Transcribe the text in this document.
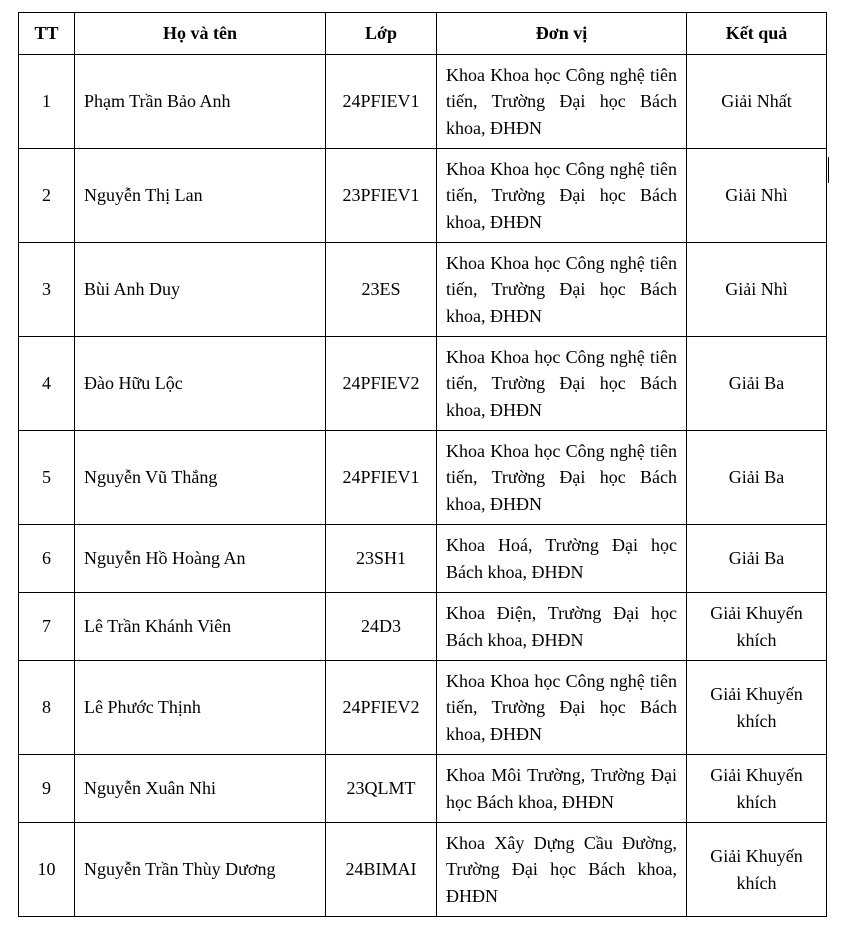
TT	Họ và tên	Lớp	Đơn vị	Kết quả
1	Phạm Trần Bảo Anh	24PFIEV1	Khoa Khoa học Công nghệ tiên tiến, Trường Đại học Bách khoa, ĐHĐN	Giải Nhất
2	Nguyễn Thị Lan	23PFIEV1	Khoa Khoa học Công nghệ tiên tiến, Trường Đại học Bách khoa, ĐHĐN	Giải Nhì
3	Bùi Anh Duy	23ES	Khoa Khoa học Công nghệ tiên tiến, Trường Đại học Bách khoa, ĐHĐN	Giải Nhì
4	Đào Hữu Lộc	24PFIEV2	Khoa Khoa học Công nghệ tiên tiến, Trường Đại học Bách khoa, ĐHĐN	Giải Ba
5	Nguyễn Vũ Thắng	24PFIEV1	Khoa Khoa học Công nghệ tiên tiến, Trường Đại học Bách khoa, ĐHĐN	Giải Ba
6	Nguyễn Hồ Hoàng An	23SH1	Khoa Hoá, Trường Đại học Bách khoa, ĐHĐN	Giải Ba
7	Lê Trần Khánh Viên	24D3	Khoa Điện, Trường Đại học Bách khoa, ĐHĐN	Giải Khuyến khích
8	Lê Phước Thịnh	24PFIEV2	Khoa Khoa học Công nghệ tiên tiến, Trường Đại học Bách khoa, ĐHĐN	Giải Khuyến khích
9	Nguyễn Xuân Nhi	23QLMT	Khoa Môi Trường, Trường Đại học Bách khoa, ĐHĐN	Giải Khuyến khích
10	Nguyễn Trần Thùy Dương	24BIMAI	Khoa Xây Dựng Cầu Đường, Trường Đại học Bách khoa, ĐHĐN	Giải Khuyến khích
